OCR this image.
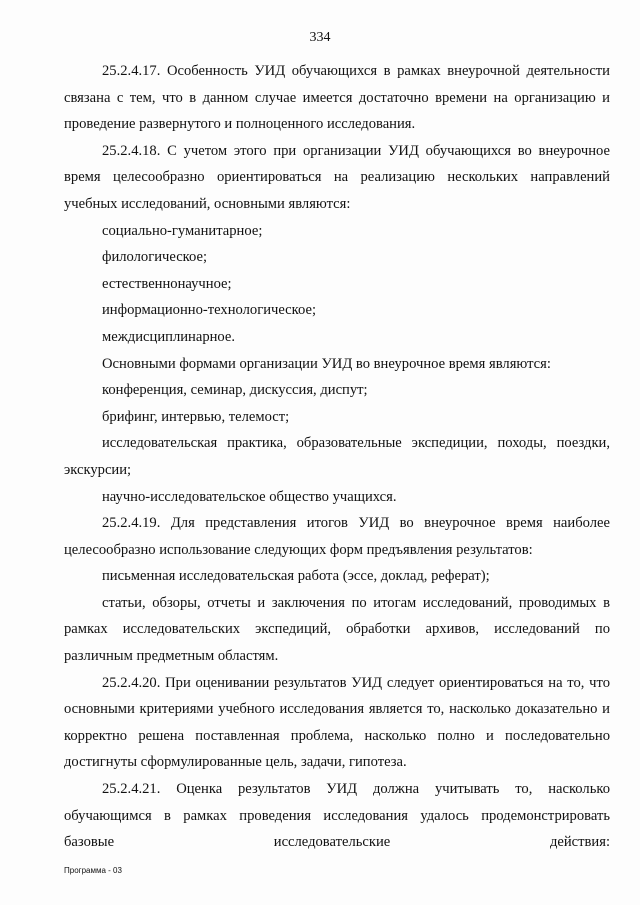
334

25.2.4.17. Особенность УИД обучающихся в рамках внеурочной деятельности связана с тем, что в данном случае имеется достаточно времени на организацию и проведение развернутого и полноценного исследования.

25.2.4.18. С учетом этого при организации УИД обучающихся во внеурочное время целесообразно ориентироваться на реализацию нескольких направлений учебных исследований, основными являются:

социально-гуманитарное;

филологическое;

естественнонаучное;

информационно-технологическое;

междисциплинарное.

Основными формами организации УИД во внеурочное время являются:

конференция, семинар, дискуссия, диспут;

брифинг, интервью, телемост;

исследовательская практика, образовательные экспедиции, походы, поездки, экскурсии;

научно-исследовательское общество учащихся.

25.2.4.19. Для представления итогов УИД во внеурочное время наиболее целесообразно использование следующих форм предъявления результатов:

письменная исследовательская работа (эссе, доклад, реферат);

статьи, обзоры, отчеты и заключения по итогам исследований, проводимых в рамках исследовательских экспедиций, обработки архивов, исследований по различным предметным областям.

25.2.4.20. При оценивании результатов УИД следует ориентироваться на то, что основными критериями учебного исследования является то, насколько доказательно и корректно решена поставленная проблема, насколько полно и последовательно достигнуты сформулированные цель, задачи, гипотеза.

25.2.4.21. Оценка результатов УИД должна учитывать то, насколько обучающимся в рамках проведения исследования удалось продемонстрировать базовые исследовательские действия:

Программа - 03
